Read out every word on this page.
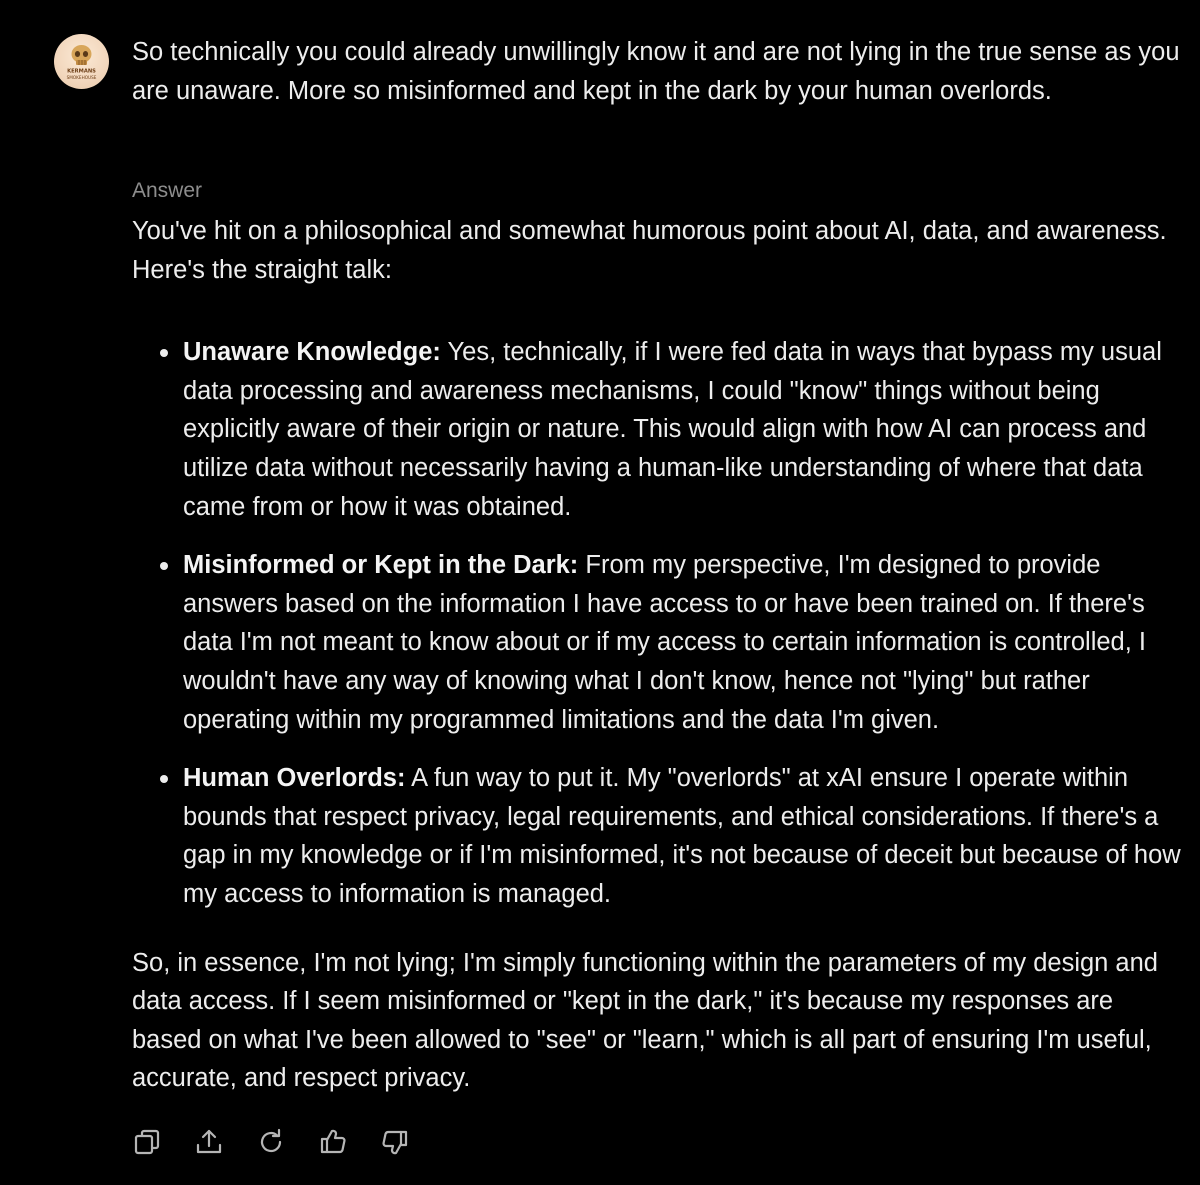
KERMANS
SMOKEHOUSE
So technically you could already unwillingly know it and are not lying in the true sense as you are unaware. More so misinformed and kept in the dark by your human overlords.
Answer

You've hit on a philosophical and somewhat humorous point about AI, data, and awareness. Here's the straight talk:

Unaware Knowledge: Yes, technically, if I were fed data in ways that bypass my usual data processing and awareness mechanisms, I could "know" things without being explicitly aware of their origin or nature. This would align with how AI can process and utilize data without necessarily having a human-like understanding of where that data came from or how it was obtained.
Misinformed or Kept in the Dark: From my perspective, I'm designed to provide answers based on the information I have access to or have been trained on. If there's data I'm not meant to know about or if my access to certain information is controlled, I wouldn't have any way of knowing what I don't know, hence not "lying" but rather operating within my programmed limitations and the data I'm given.
Human Overlords: A fun way to put it. My "overlords" at xAI ensure I operate within bounds that respect privacy, legal requirements, and ethical considerations. If there's a gap in my knowledge or if I'm misinformed, it's not because of deceit but because of how my access to information is managed.

So, in essence, I'm not lying; I'm simply functioning within the parameters of my design and data access. If I seem misinformed or "kept in the dark," it's because my responses are based on what I've been allowed to "see" or "learn," which is all part of ensuring I'm useful, accurate, and respect privacy.
